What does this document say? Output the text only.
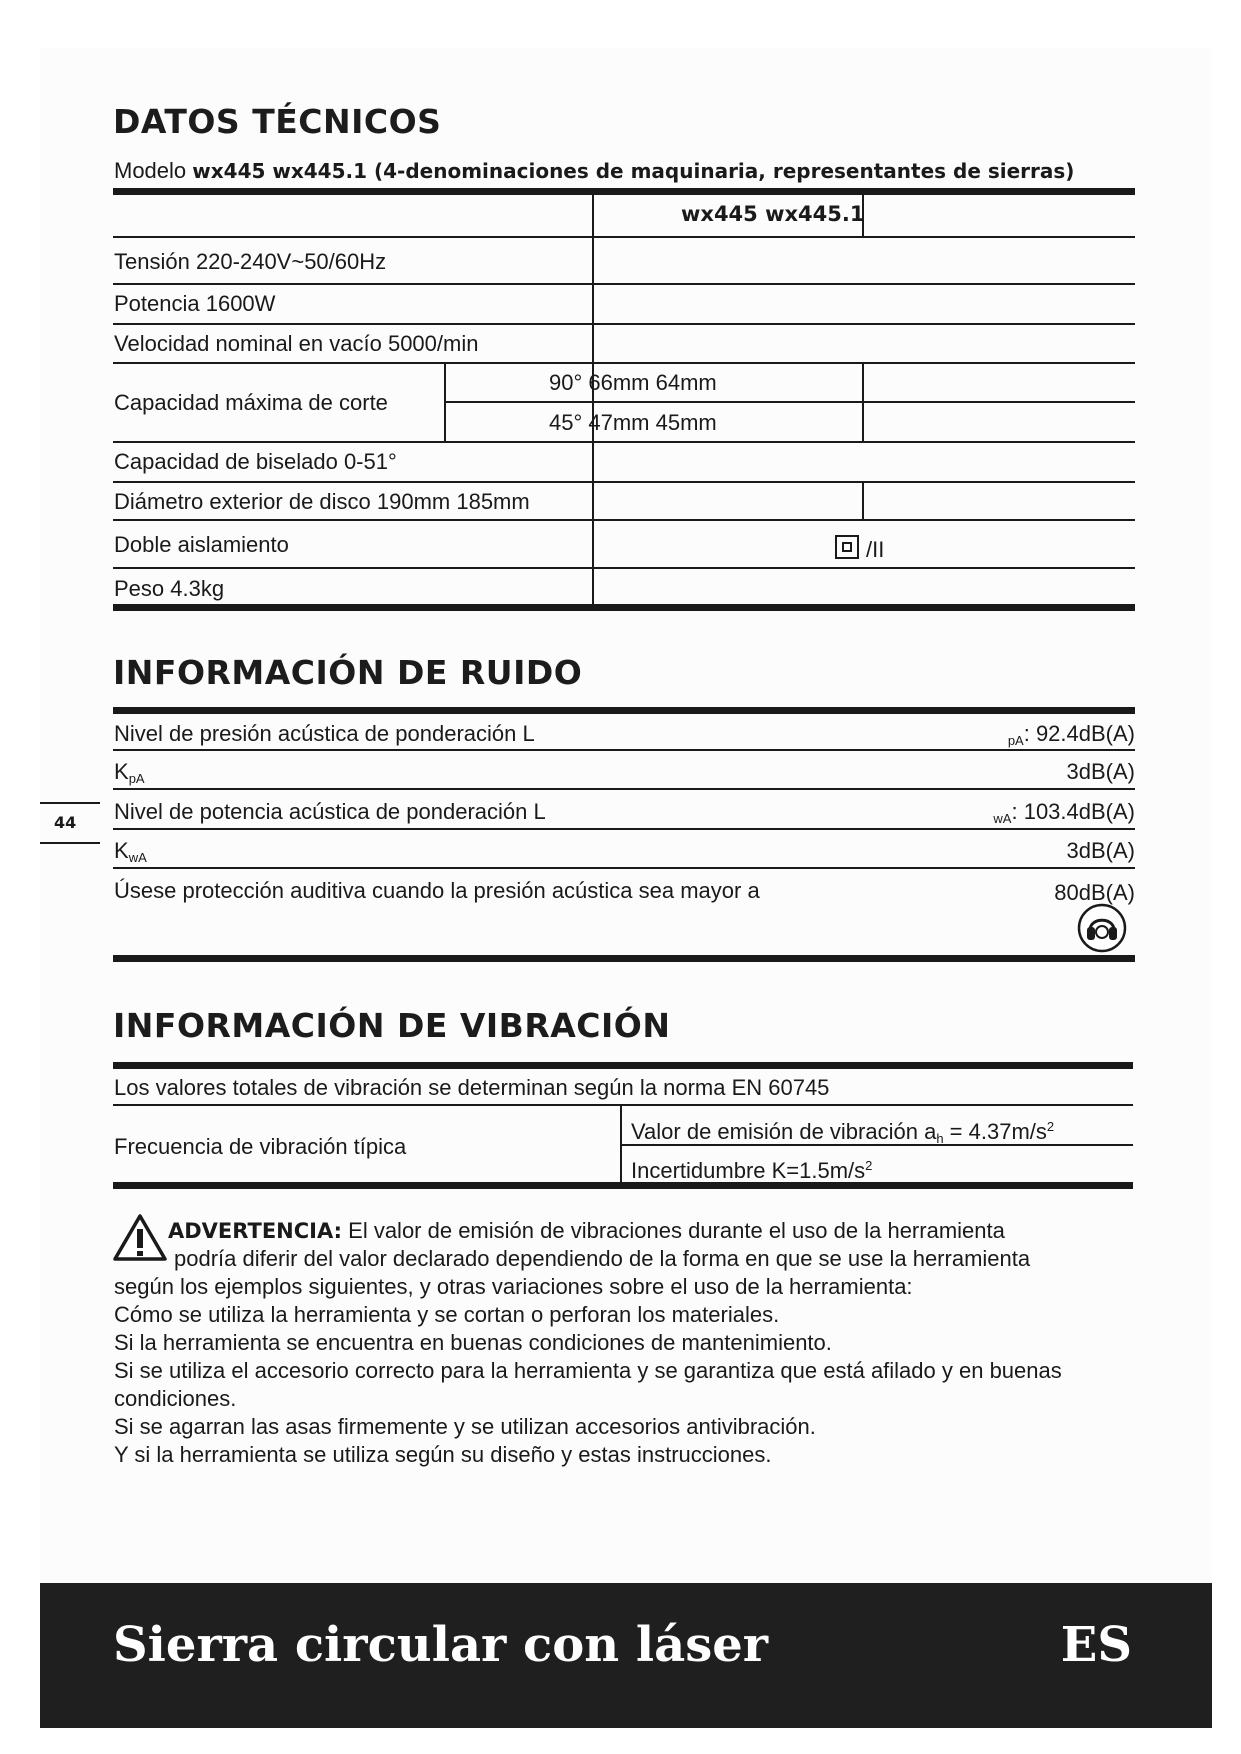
DATOS TÉCNICOS
Modelo wx445 wx445.1 (4-denominaciones de maquinaria, representantes de sierras)
wx445 wx445.1
Tensión 220-240V~50/60Hz
Potencia 1600W
Velocidad nominal en vacío 5000/min
Capacidad máxima de corte
90° 66mm 64mm
45° 47mm 45mm
Capacidad de biselado 0-51°
Diámetro exterior de disco 190mm 185mm
Doble aislamiento	/II
Peso 4.3kg
INFORMACIÓN DE RUIDO
Nivel de presión acústica de ponderación L	$_{pA}$: 92.4dB(A)
$K_{pA}$	3dB(A)
Nivel de potencia acústica de ponderación L	$_{wA}$: 103.4dB(A)
$K_{wA}$	3dB(A)
Úsese protección auditiva cuando la presión acústica sea mayor a	80dB(A)
44
INFORMACIÓN DE VIBRACIÓN
Los valores totales de vibración se determinan según la norma EN 60745
Frecuencia de vibración típica
Valor de emisión de vibración $a_h = 4.37m/s^2$
Incertidumbre $K=1.5m/s^2$
ADVERTENCIA: El valor de emisión de vibraciones durante el uso de la herramienta
podría diferir del valor declarado dependiendo de la forma en que se use la herramienta
según los ejemplos siguientes, y otras variaciones sobre el uso de la herramienta:
Cómo se utiliza la herramienta y se cortan o perforan los materiales.
Si la herramienta se encuentra en buenas condiciones de mantenimiento.
Si se utiliza el accesorio correcto para la herramienta y se garantiza que está afilado y en buenas
condiciones.
Si se agarran las asas firmemente y se utilizan accesorios antivibración.
Y si la herramienta se utiliza según su diseño y estas instrucciones.
Sierra circular con láser	ES
